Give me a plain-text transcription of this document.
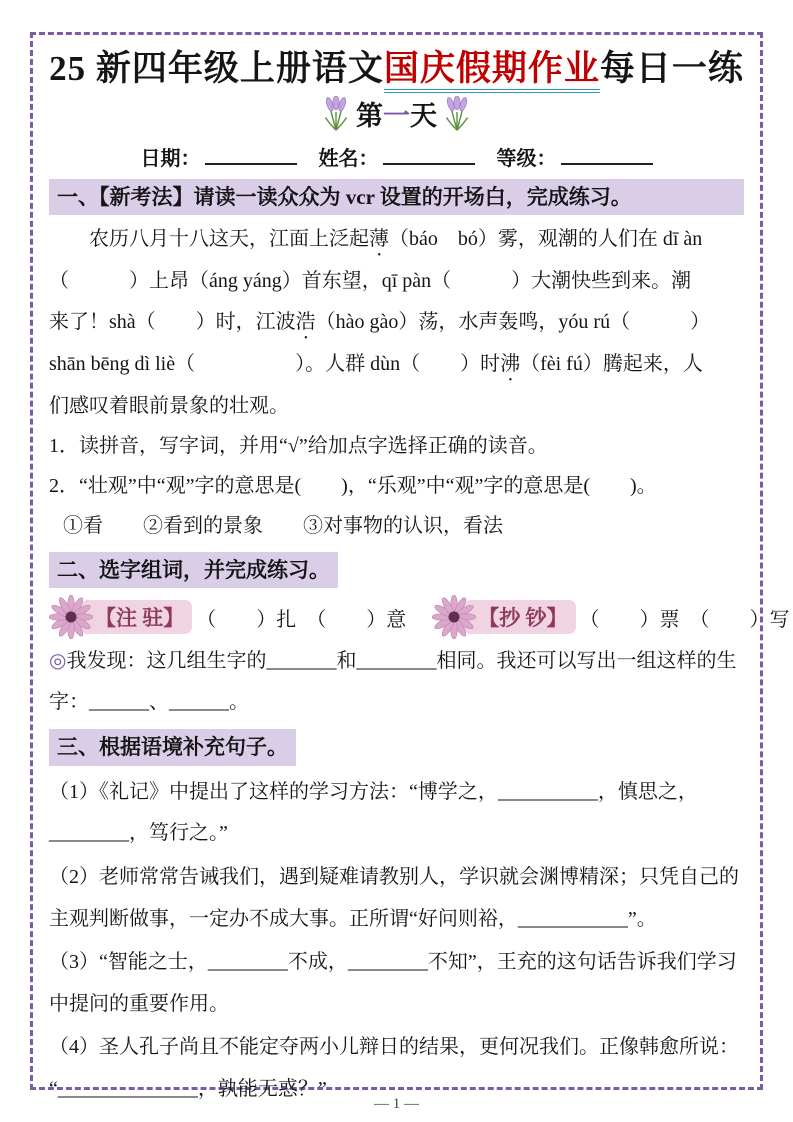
25 新四年级上册语文国庆假期作业每日一练
第一天
日期：	姓名：	等级：
一、【新考法】请读一读众众为 vcr 设置的开场白，完成练习。
农历八月十八这天，江面上泛起薄（báo　bó）雾，观潮的人们在 dī àn
（　　　）上昂（áng yáng）首东望，qī pàn（　　　）大潮快些到来。潮
来了！shà（　　）时，江波浩（hào gào）荡，水声轰鸣，yóu rú（　　　）
shān bēng dì liè（　　　　　）。人群 dùn（　　）时沸（fèi fú）腾起来，人
们感叹着眼前景象的壮观。
1．读拼音，写字词，并用“√”给加点字选择正确的读音。
2．“壮观”中“观”字的意思是(　　)，“乐观”中“观”字的意思是(　　)。
①看　　②看到的景象　　③对事物的认识，看法
二、选字组词，并完成练习。
【注 驻】 （　　）扎　（　　）意	【抄 钞】 （　　）票　（　　）写
◎我发现：这几组生字的_______和________相同。我还可以写出一组这样的生字：______、______。
三、根据语境补充句子。
（1）《礼记》中提出了这样的学习方法：“博学之，__________，慎思之，________，笃行之。”
（2）老师常常告诫我们，遇到疑难请教别人，学识就会渊博精深；只凭自己的主观判断做事，一定办不成大事。正所谓“好问则裕，___________”。
（3）“智能之士，________不成，________不知”，王充的这句话告诉我们学习中提问的重要作用。
（4）圣人孔子尚且不能定夺两小儿辩日的结果，更何况我们。正像韩愈所说：“______________，孰能无惑？”
— 1 —
